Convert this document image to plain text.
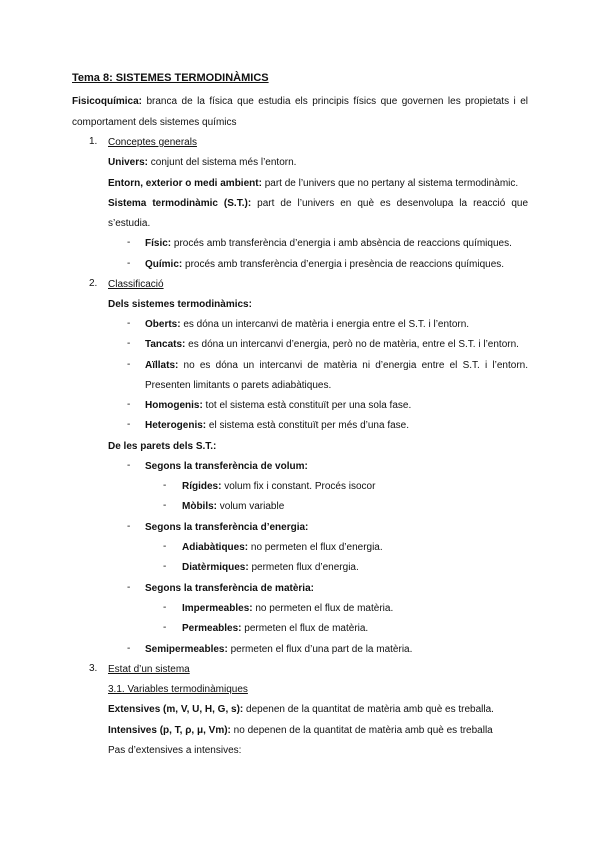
Tema 8: SISTEMES TERMODINÀMICS
Fisicoquímica: branca de la física que estudia els principis físics que governen les propietats i el
comportament dels sistemes químics
1. Conceptes generals
Univers: conjunt del sistema més l’entorn.
Entorn, exterior o medi ambient: part de l’univers que no pertany al sistema termodinàmic.
Sistema termodinàmic (S.T.): part de l’univers en què es desenvolupa la reacció que
s’estudia.
- Físic: procés amb transferència d’energia i amb absència de reaccions químiques.
- Químic: procés amb transferència d’energia i presència de reaccions químiques.
2. Classificació
Dels sistemes termodinàmics:
- Oberts: es dóna un intercanvi de matèria i energia entre el S.T. i l’entorn.
- Tancats: es dóna un intercanvi d’energia, però no de matèria, entre el S.T. i l’entorn.
- Aïllats: no es dóna un intercanvi de matèria ni d’energia entre el S.T. i l’entorn.
Presenten limitants o parets adiabàtiques.
- Homogenis: tot el sistema està constituït per una sola fase.
- Heterogenis: el sistema està constituït per més d’una fase.
De les parets dels S.T.:
- Segons la transferència de volum:
- Rígides: volum fix i constant. Procés isocor
- Mòbils: volum variable
- Segons la transferència d’energia:
- Adiabàtiques: no permeten el flux d’energia.
- Diatèrmiques: permeten flux d’energia.
- Segons la transferència de matèria:
- Impermeables: no permeten el flux de matèria.
- Permeables: permeten el flux de matèria.
- Semipermeables: permeten el flux d’una part de la matèria.
3. Estat d’un sistema
3.1. Variables termodinàmiques
Extensives (m, V, U, H, G, s): depenen de la quantitat de matèria amb què es treballa.
Intensives (p, T, ρ, μ, Vm): no depenen de la quantitat de matèria amb què es treballa
Pas d’extensives a intensives:
